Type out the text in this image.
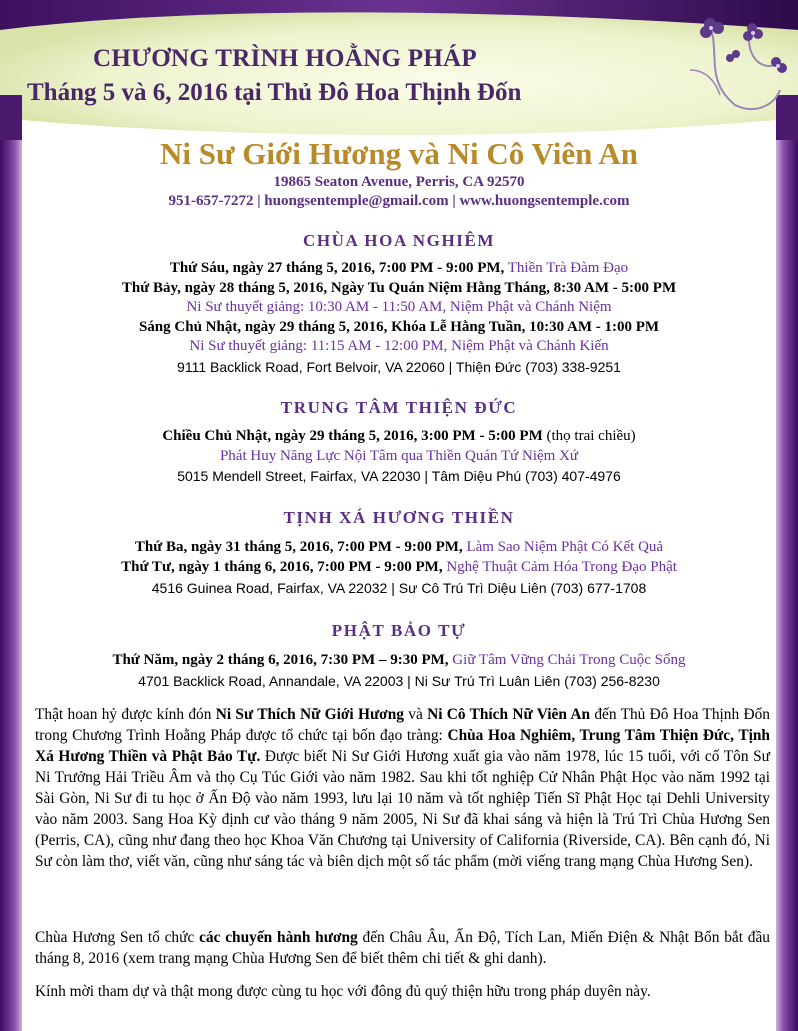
CHƯƠNG TRÌNH HOẰNG PHÁP
Tháng 5 và 6, 2016 tại Thủ Đô Hoa Thịnh Đốn
Ni Sư Giới Hương và Ni Cô Viên An
19865 Seaton Avenue, Perris, CA 92570
951-657-7272 | huongsentemple@gmail.com | www.huongsentemple.com
CHÙA HOA NGHIÊM
Thứ Sáu, ngày 27 tháng 5, 2016, 7:00 PM - 9:00 PM, Thiền Trà Đàm Đạo
Thứ Bảy, ngày 28 tháng 5, 2016, Ngày Tu Quán Niệm Hằng Tháng, 8:30 AM - 5:00 PM
Ni Sư thuyết giảng: 10:30 AM - 11:50 AM, Niệm Phật và Chánh Niệm
Sáng Chủ Nhật, ngày 29 tháng 5, 2016, Khóa Lễ Hằng Tuần, 10:30 AM - 1:00 PM
Ni Sư thuyết giảng: 11:15 AM - 12:00 PM, Niệm Phật và Chánh Kiến
9111 Backlick Road, Fort Belvoir, VA 22060 | Thiện Đức (703) 338-9251
TRUNG TÂM THIỆN ĐỨC
Chiều Chủ Nhật, ngày 29 tháng 5, 2016, 3:00 PM - 5:00 PM (thọ trai chiều)
Phát Huy Năng Lực Nội Tâm qua Thiền Quán Tứ Niệm Xứ
5015 Mendell Street, Fairfax, VA 22030 | Tâm Diệu Phú (703) 407-4976
TỊNH XÁ HƯƠNG THIỀN
Thứ Ba, ngày 31 tháng 5, 2016, 7:00 PM - 9:00 PM, Làm Sao Niệm Phật Có Kết Quả
Thứ Tư, ngày 1 tháng 6, 2016, 7:00 PM - 9:00 PM, Nghệ Thuật Cảm Hóa Trong Đạo Phật
4516 Guinea Road, Fairfax, VA 22032 | Sư Cô Trú Trì Diệu Liên (703) 677-1708
PHẬT BẢO TỰ
Thứ Năm, ngày 2 tháng 6, 2016, 7:30 PM – 9:30 PM, Giữ Tâm Vững Chải Trong Cuộc Sống
4701 Backlick Road, Annandale, VA 22003 | Ni Sư Trú Trì Luân Liên (703) 256-8230
Thật hoan hỷ được kính đón Ni Sư Thích Nữ Giới Hương và Ni Cô Thích Nữ Viên An đến Thủ Đô Hoa Thịnh Đốn trong Chương Trình Hoằng Pháp được tổ chức tại bốn đạo tràng: Chùa Hoa Nghiêm, Trung Tâm Thiện Đức, Tịnh Xá Hương Thiền và Phật Bảo Tự. Được biết Ni Sư Giới Hương xuất gia vào năm 1978, lúc 15 tuổi, với cố Tôn Sư Ni Trưởng Hải Triều Âm và thọ Cụ Túc Giới vào năm 1982. Sau khi tốt nghiệp Cử Nhân Phật Học vào năm 1992 tại Sài Gòn, Ni Sư đi tu học ở Ấn Độ vào năm 1993, lưu lại 10 năm và tốt nghiệp Tiến Sĩ Phật Học tại Dehli University vào năm 2003. Sang Hoa Kỳ định cư vào tháng 9 năm 2005, Ni Sư đã khai sáng và hiện là Trú Trì Chùa Hương Sen (Perris, CA), cũng như đang theo học Khoa Văn Chương tại University of California (Riverside, CA). Bên cạnh đó, Ni Sư còn làm thơ, viết văn, cũng như sáng tác và biên dịch một số tác phẩm (mời viếng trang mạng Chùa Hương Sen).
Chùa Hương Sen tổ chức các chuyến hành hương đến Châu Âu, Ấn Độ, Tích Lan, Miến Điện & Nhật Bổn bắt đầu tháng 8, 2016 (xem trang mạng Chùa Hương Sen để biết thêm chi tiết & ghi danh).
Kính mời tham dự và thật mong được cùng tu học với đông đủ quý thiện hữu trong pháp duyên này.
